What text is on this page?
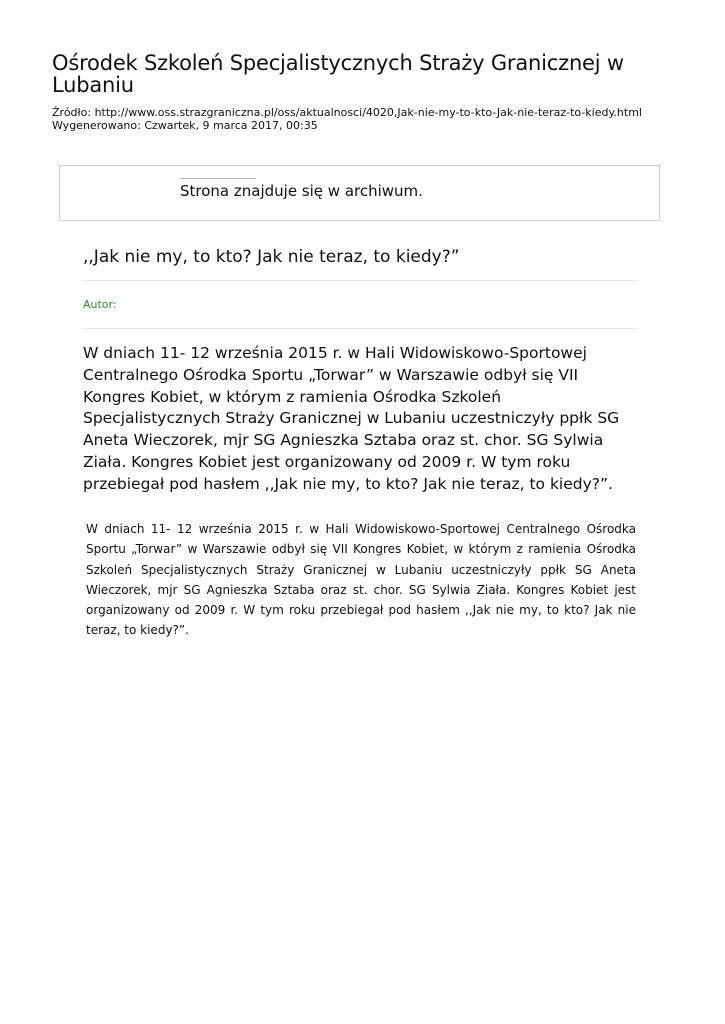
Ośrodek Szkoleń Specjalistycznych Straży Granicznej w Lubaniu
Źródło: http://www.oss.strazgraniczna.pl/oss/aktualnosci/4020,Jak-nie-my-to-kto-Jak-nie-teraz-to-kiedy.html
Wygenerowano: Czwartek, 9 marca 2017, 00:35
Strona znajduje się w archiwum.
,,Jak nie my, to kto? Jak nie teraz, to kiedy?”
Autor:

W dniach 11- 12 września 2015 r. w Hali Widowiskowo-Sportowej Centralnego Ośrodka Sportu „Torwar” w Warszawie odbył się VII Kongres Kobiet, w którym z ramienia Ośrodka Szkoleń Specjalistycznych Straży Granicznej w Lubaniu uczestniczyły ppłk SG Aneta Wieczorek, mjr SG Agnieszka Sztaba oraz st. chor. SG Sylwia Ziała. Kongres Kobiet jest organizowany od 2009 r. W tym roku przebiegał pod hasłem ,,Jak nie my, to kto? Jak nie teraz, to kiedy?”.

W dniach 11- 12 września 2015 r. w Hali Widowiskowo-Sportowej Centralnego Ośrodka Sportu „Torwar” w Warszawie odbył się VII Kongres Kobiet, w którym z ramienia Ośrodka Szkoleń Specjalistycznych Straży Granicznej w Lubaniu uczestniczyły ppłk SG Aneta Wieczorek, mjr SG Agnieszka Sztaba oraz st. chor. SG Sylwia Ziała. Kongres Kobiet jest organizowany od 2009 r. W tym roku przebiegał pod hasłem ,,Jak nie my, to kto? Jak nie teraz, to kiedy?”.
